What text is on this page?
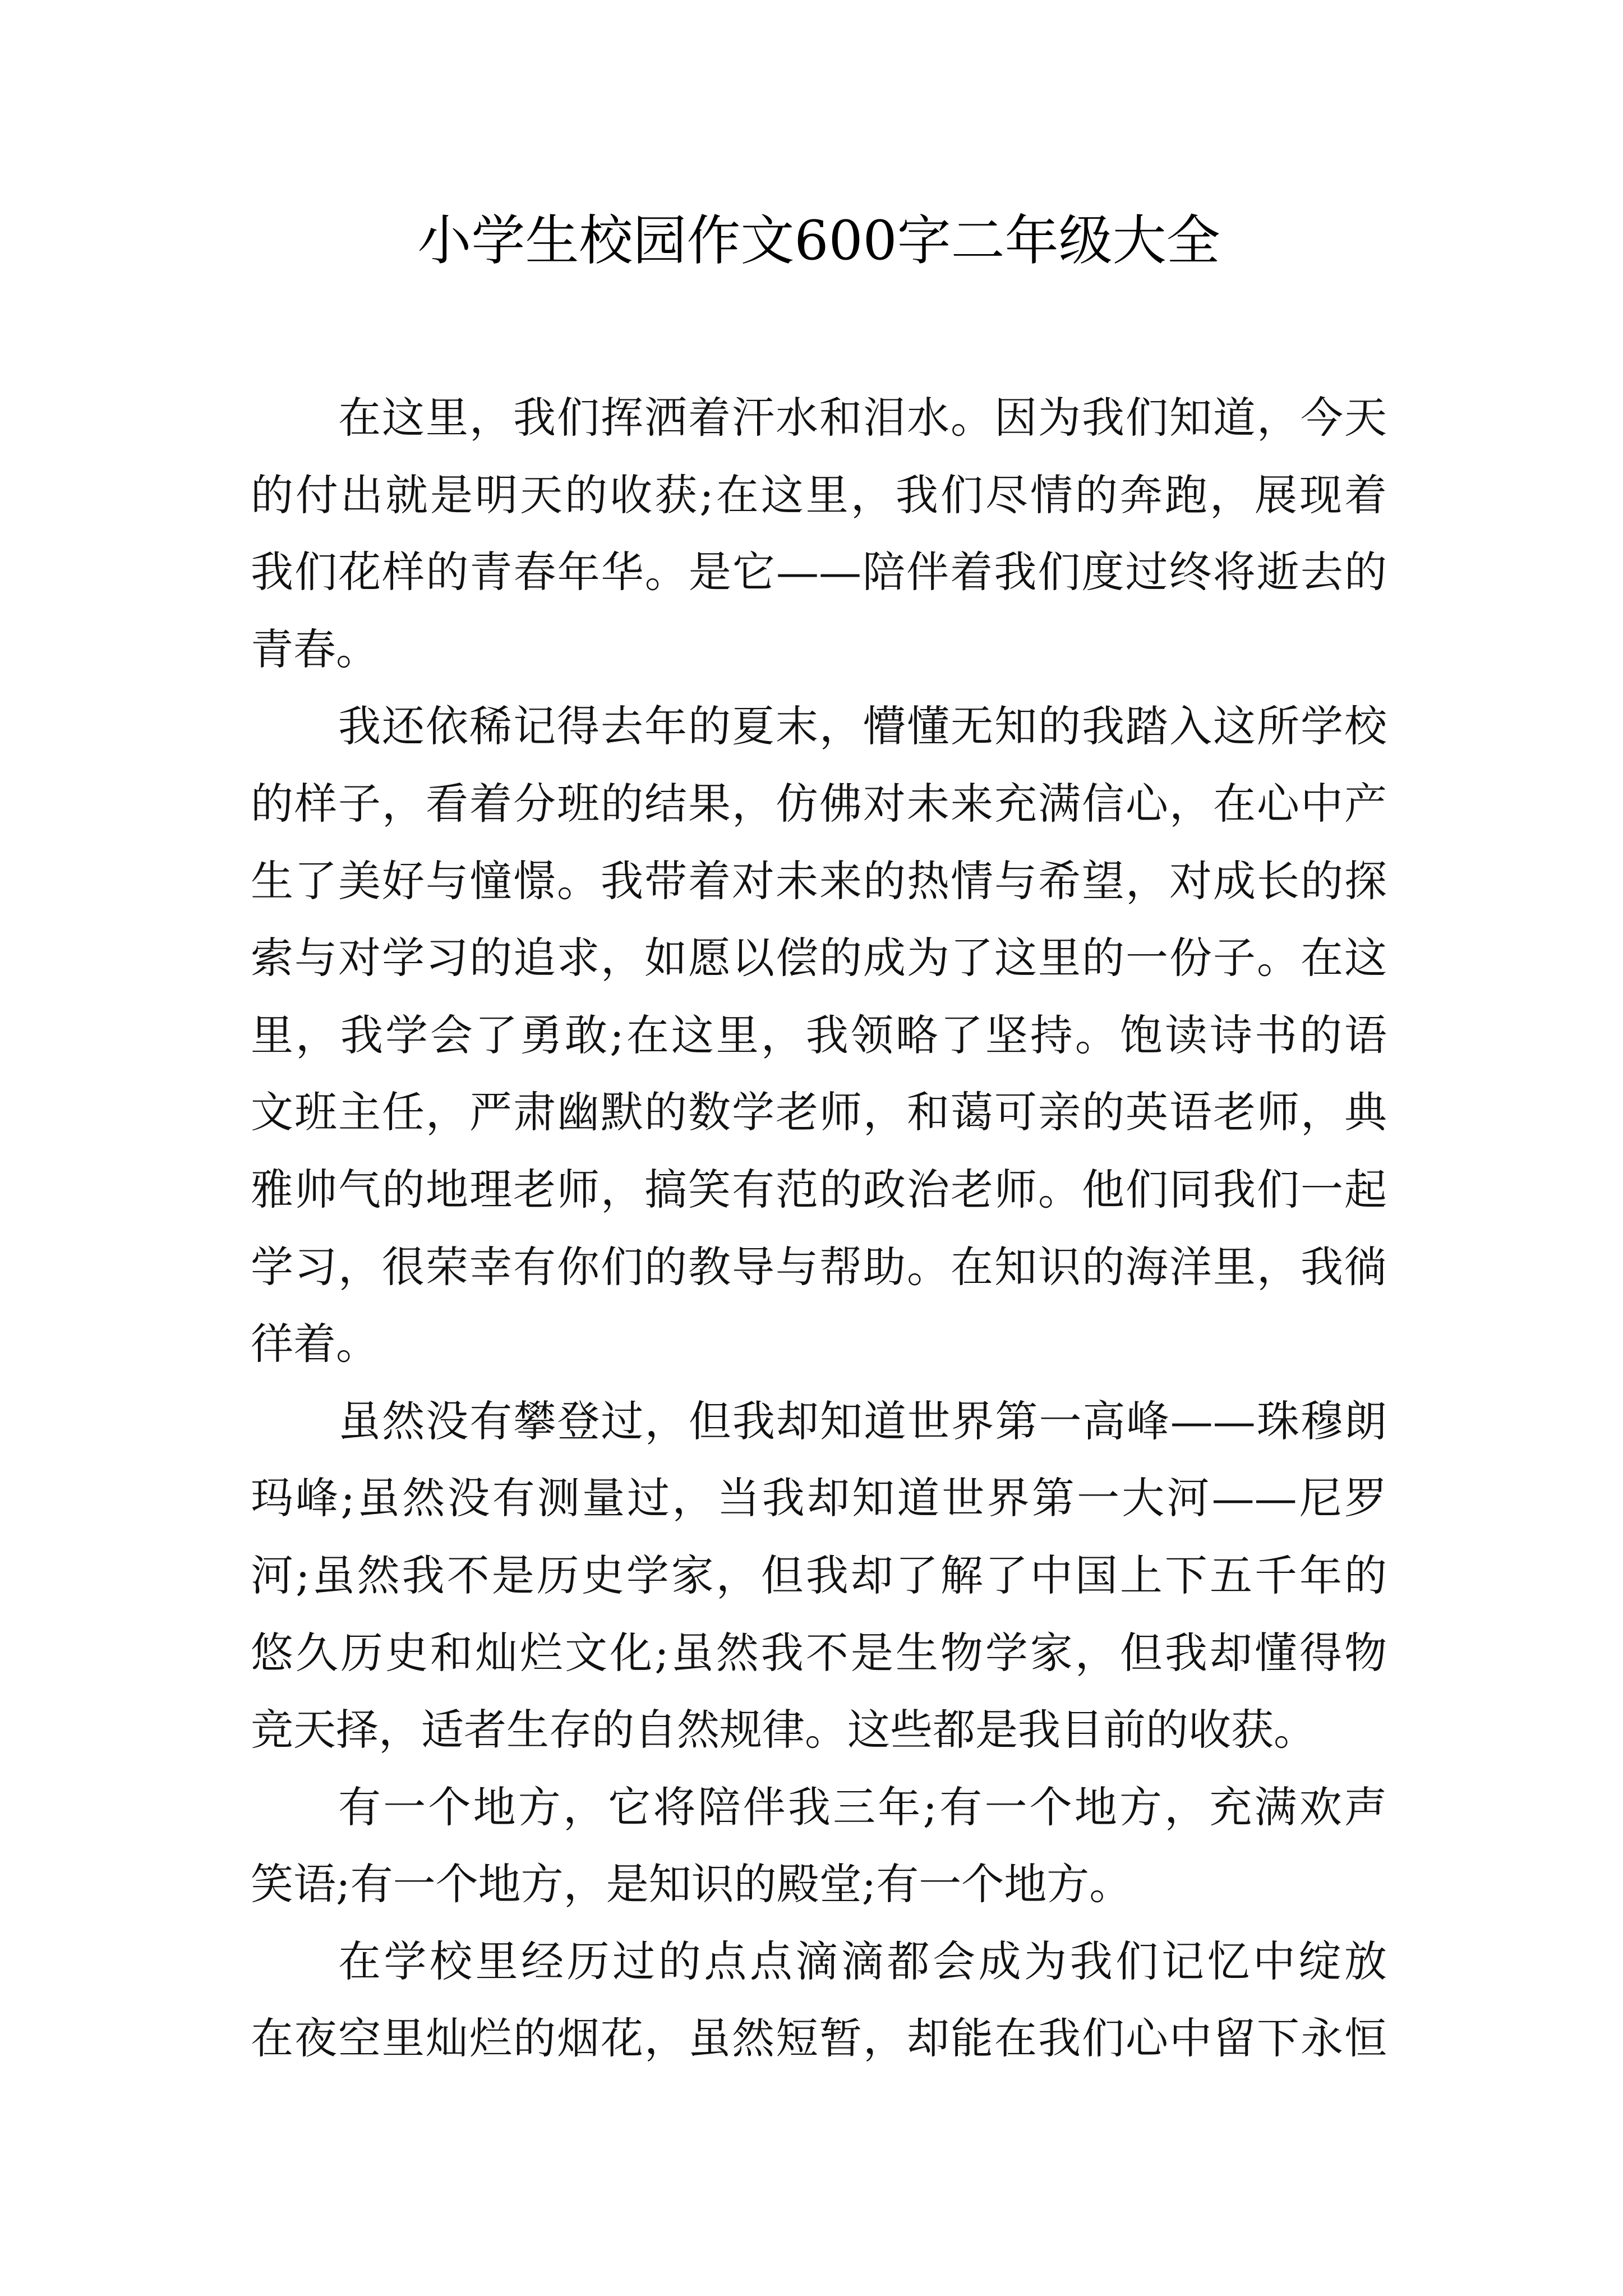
小学生校园作文600字二年级大全
在这里，我们挥洒着汗水和泪水。因为我们知道，今天
的付出就是明天的收获;在这里，我们尽情的奔跑，展现着
我们花样的青春年华。是它——陪伴着我们度过终将逝去的
青春。
我还依稀记得去年的夏末，懵懂无知的我踏入这所学校
的样子，看着分班的结果，仿佛对未来充满信心，在心中产
生了美好与憧憬。我带着对未来的热情与希望，对成长的探
索与对学习的追求，如愿以偿的成为了这里的一份子。在这
里，我学会了勇敢;在这里，我领略了坚持。饱读诗书的语
文班主任，严肃幽默的数学老师，和蔼可亲的英语老师，典
雅帅气的地理老师，搞笑有范的政治老师。他们同我们一起
学习，很荣幸有你们的教导与帮助。在知识的海洋里，我徜
徉着。
虽然没有攀登过，但我却知道世界第一高峰——珠穆朗
玛峰;虽然没有测量过，当我却知道世界第一大河——尼罗
河;虽然我不是历史学家，但我却了解了中国上下五千年的
悠久历史和灿烂文化;虽然我不是生物学家，但我却懂得物
竞天择，适者生存的自然规律。这些都是我目前的收获。
有一个地方，它将陪伴我三年;有一个地方，充满欢声
笑语;有一个地方，是知识的殿堂;有一个地方。
在学校里经历过的点点滴滴都会成为我们记忆中绽放
在夜空里灿烂的烟花，虽然短暂，却能在我们心中留下永恒
